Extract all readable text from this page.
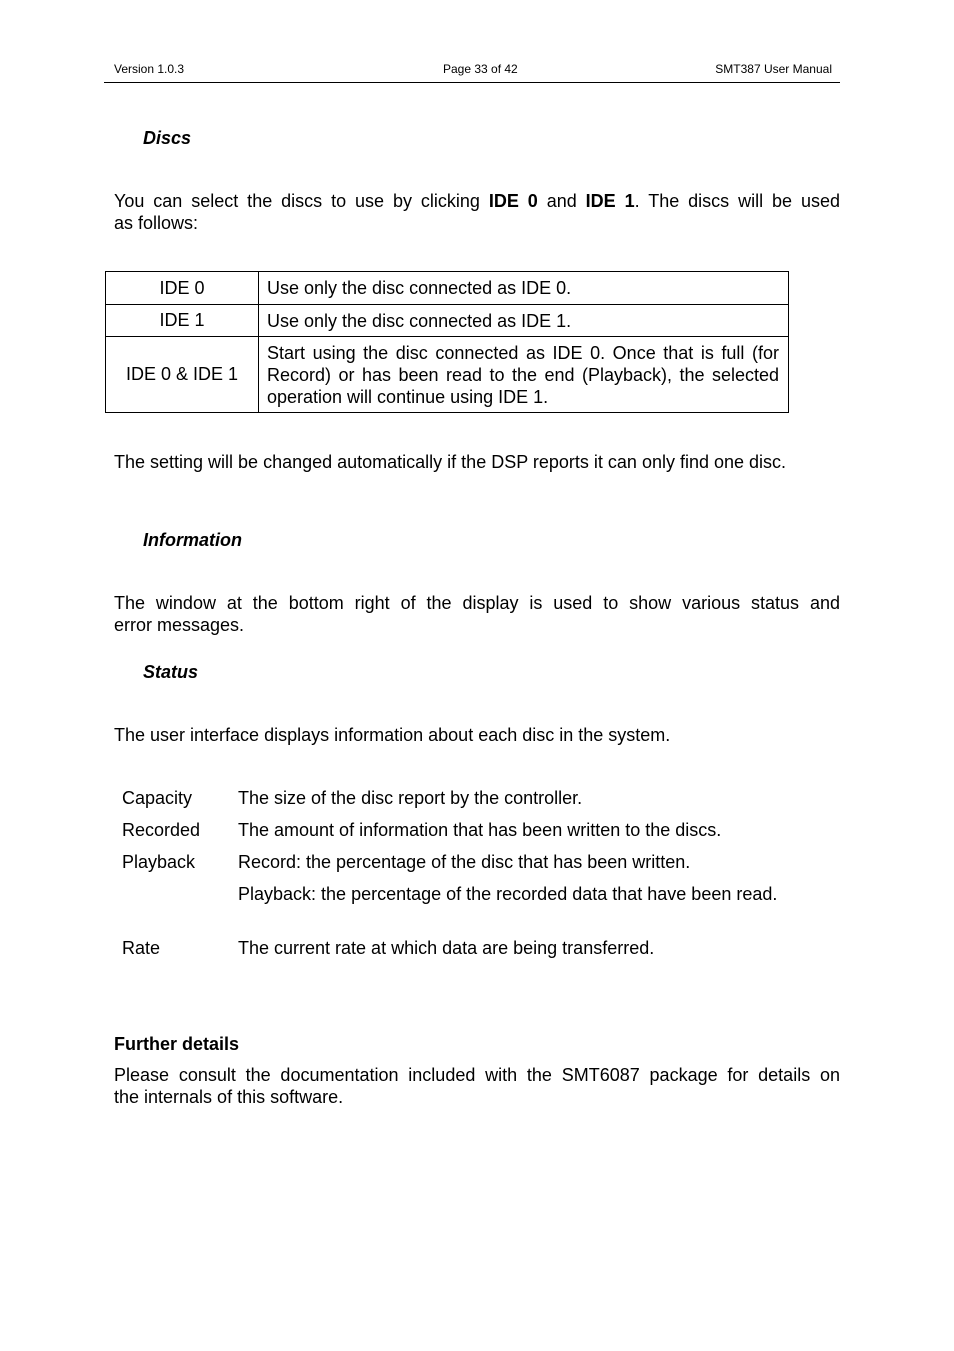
Version 1.0.3	Page 33 of 42	SMT387 User Manual
Discs
You can select the discs to use by clicking IDE 0 and IDE 1. The discs will be used
as follows:
IDE 0	Use only the disc connected as IDE 0.
IDE 1	Use only the disc connected as IDE 1.
IDE 0 & IDE 1	Start using the disc connected as IDE 0. Once that is full (for Record) or has been read to the end (Playback), the selected operation will continue using IDE 1.
The setting will be changed automatically if the DSP reports it can only find one disc.
Information
The window at the bottom right of the display is used to show various status and
error messages.
Status
The user interface displays information about each disc in the system.
Capacity	The size of the disc report by the controller.
Recorded The amount of information that has been written to the discs.
Playback Record: the percentage of the disc that has been written.
Playback: the percentage of the recorded data that have been read.
Rate	The current rate at which data are being transferred.
Further details
Please consult the documentation included with the SMT6087 package for details on
the internals of this software.
